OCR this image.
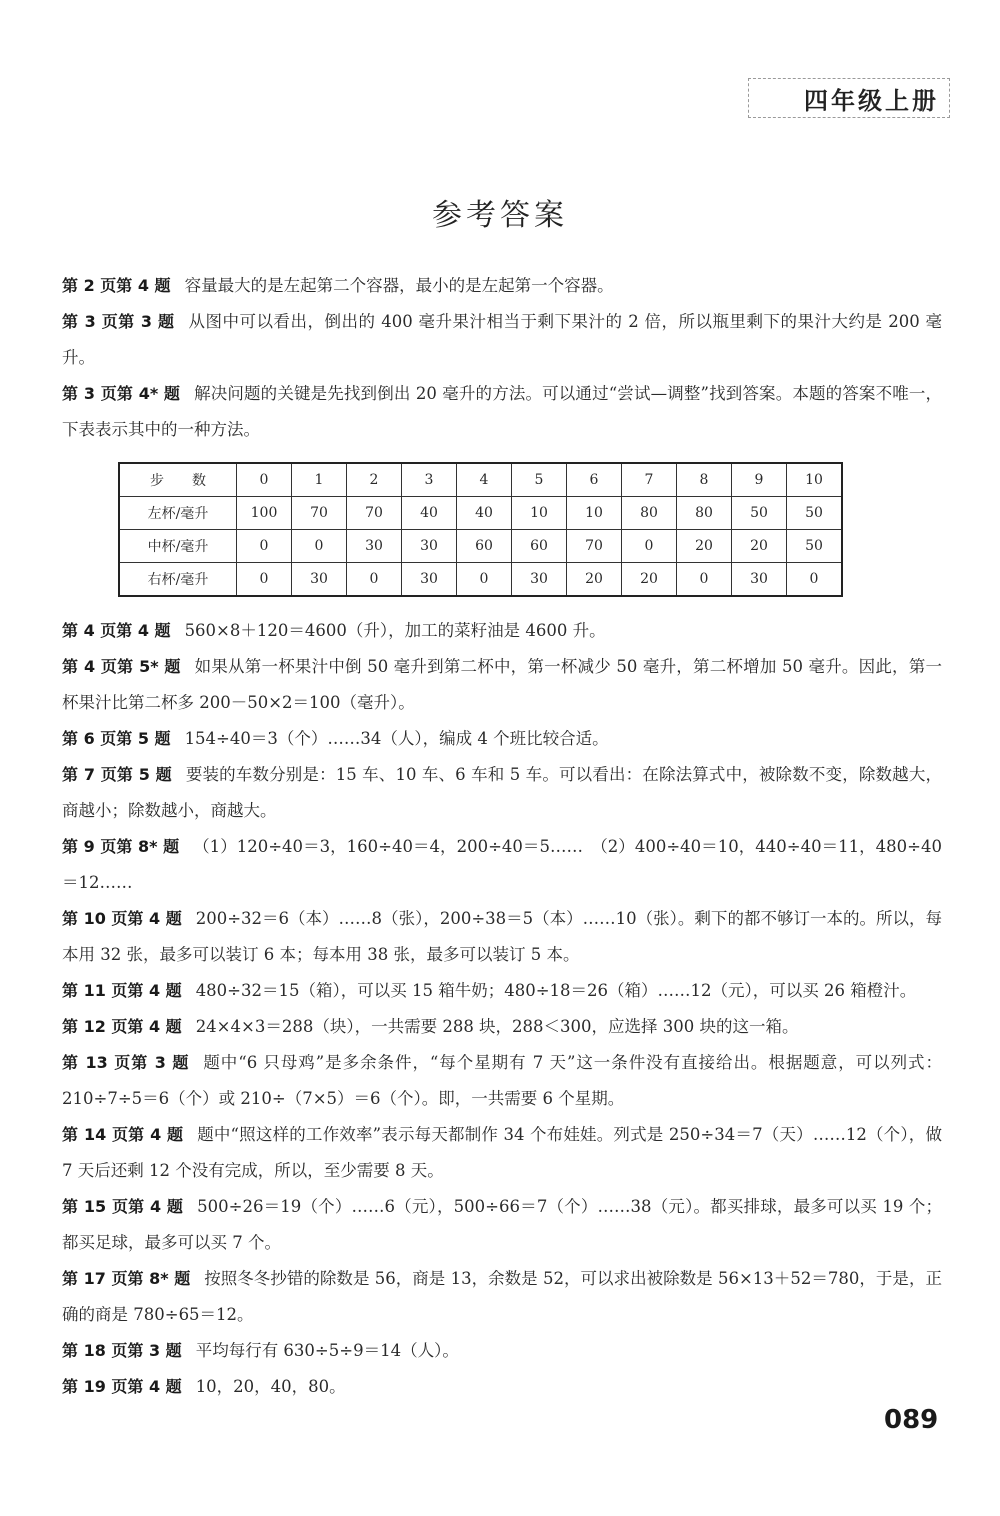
四年级上册
参考答案

第 2 页第 4 题 容量最大的是左起第二个容器，最小的是左起第一个容器。

第 3 页第 3 题 从图中可以看出，倒出的 400 毫升果汁相当于剩下果汁的 2 倍，所以瓶里剩下的果汁大约是 200 毫升。

第 3 页第 4* 题 解决问题的关键是先找到倒出 20 毫升的方法。可以通过“尝试—调整”找到答案。本题的答案不唯一，下表表示其中的一种方法。

步　　数	0	1	2	3	4	5	6	7	8	9	10
左杯/毫升	100	70	70	40	40	10	10	80	80	50	50
中杯/毫升	0	0	30	30	60	60	70	0	20	20	50
右杯/毫升	0	30	0	30	0	30	20	20	0	30	0

第 4 页第 4 题 560×8＋120＝4600（升），加工的菜籽油是 4600 升。

第 4 页第 5* 题 如果从第一杯果汁中倒 50 毫升到第二杯中，第一杯减少 50 毫升，第二杯增加 50 毫升。因此，第一杯果汁比第二杯多 200－50×2＝100（毫升）。

第 6 页第 5 题 154÷40＝3（个）……34（人），编成 4 个班比较合适。

第 7 页第 5 题 要装的车数分别是：15 车、10 车、6 车和 5 车。可以看出：在除法算式中，被除数不变，除数越大，商越小；除数越小，商越大。

第 9 页第 8* 题 （1）120÷40＝3，160÷40＝4，200÷40＝5……　（2）400÷40＝10，440÷40＝11，480÷40＝12……

第 10 页第 4 题 200÷32＝6（本）……8（张），200÷38＝5（本）……10（张）。剩下的都不够订一本的。所以，每本用 32 张，最多可以装订 6 本；每本用 38 张，最多可以装订 5 本。

第 11 页第 4 题 480÷32＝15（箱），可以买 15 箱牛奶；480÷18＝26（箱）……12（元），可以买 26 箱橙汁。

第 12 页第 4 题 24×4×3＝288（块），一共需要 288 块，288＜300，应选择 300 块的这一箱。

第 13 页第 3 题 题中“6 只母鸡”是多余条件，“每个星期有 7 天”这一条件没有直接给出。根据题意，可以列式：210÷7÷5＝6（个）或 210÷（7×5）＝6（个）。即，一共需要 6 个星期。

第 14 页第 4 题 题中“照这样的工作效率”表示每天都制作 34 个布娃娃。列式是 250÷34＝7（天）……12（个），做 7 天后还剩 12 个没有完成，所以，至少需要 8 天。

第 15 页第 4 题 500÷26＝19（个）……6（元），500÷66＝7（个）……38（元）。都买排球，最多可以买 19 个；都买足球，最多可以买 7 个。

第 17 页第 8* 题 按照冬冬抄错的除数是 56，商是 13，余数是 52，可以求出被除数是 56×13＋52＝780，于是，正确的商是 780÷65＝12。

第 18 页第 3 题 平均每行有 630÷5÷9＝14（人）。

第 19 页第 4 题 10，20，40，80。

089
